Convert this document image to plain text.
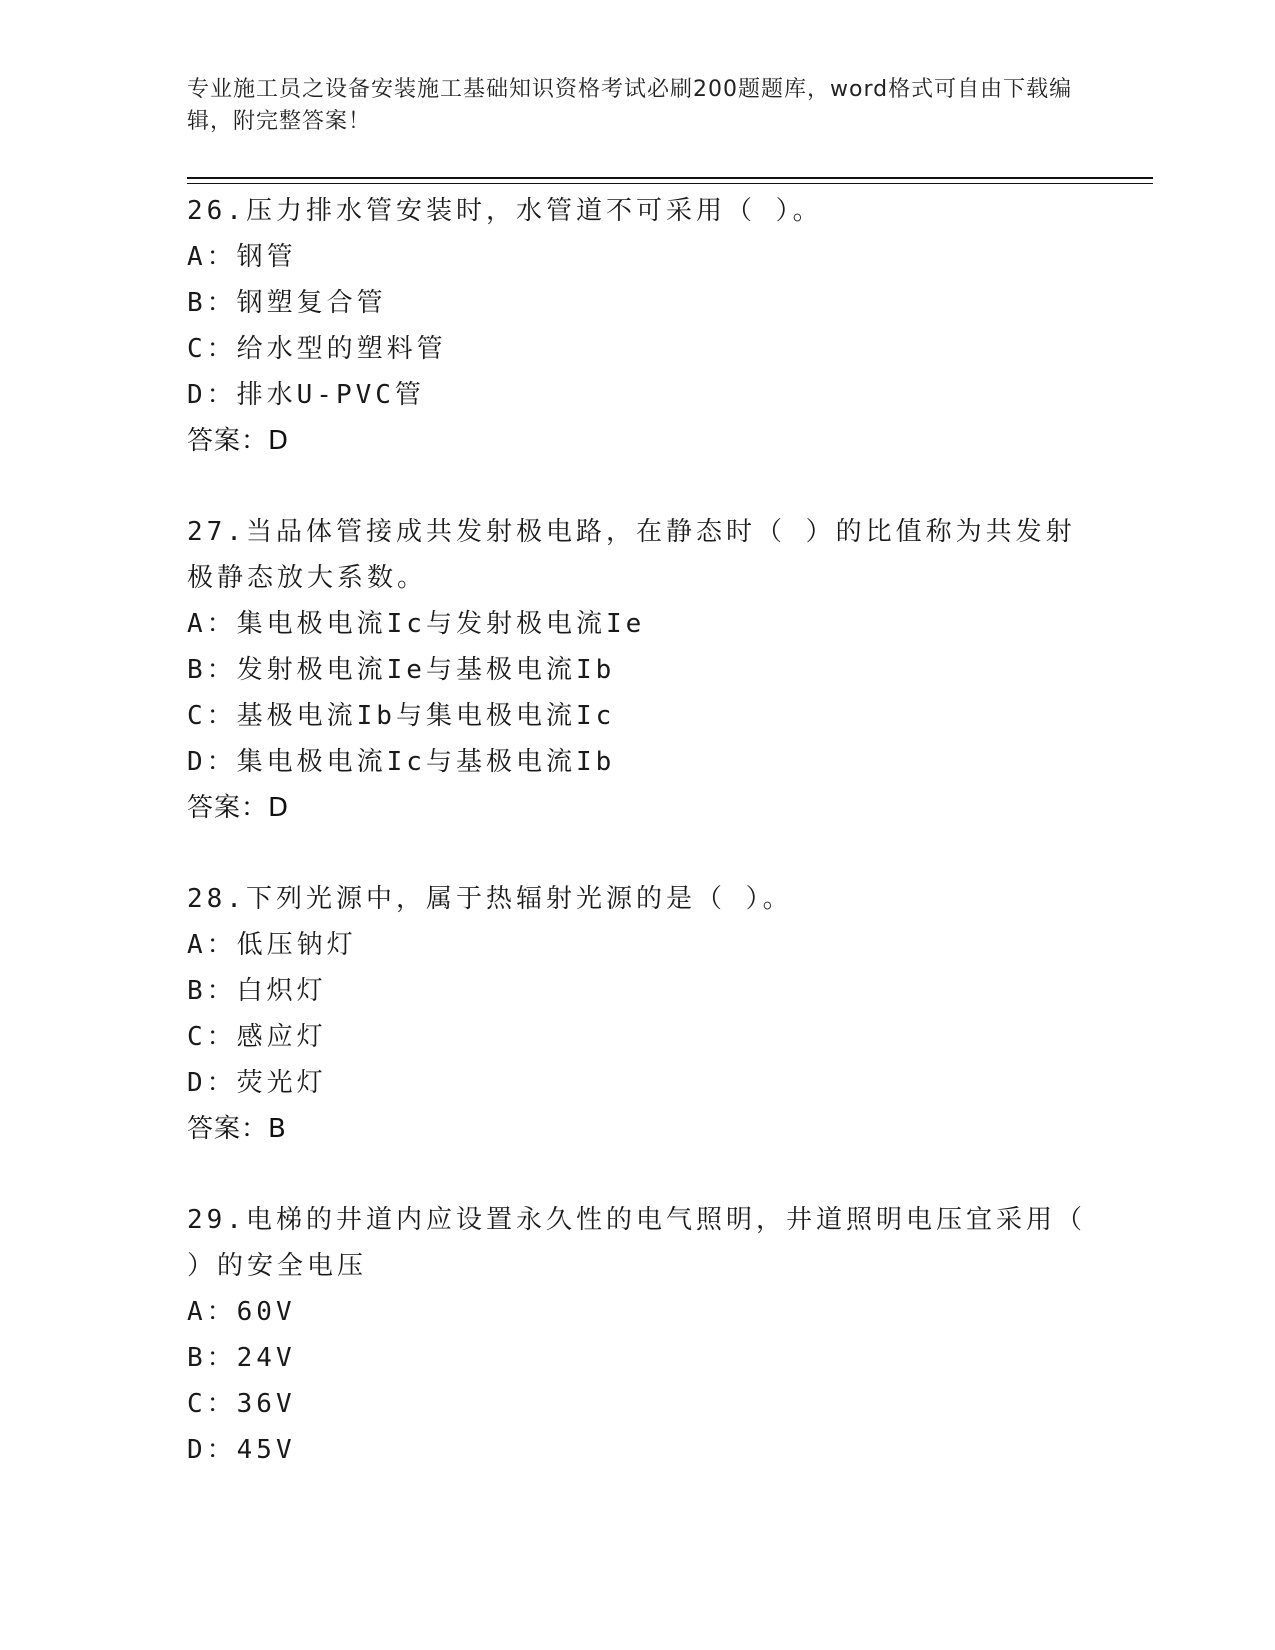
专业施工员之设备安装施工基础知识资格考试必刷200题题库，word格式可自由下载编辑，附完整答案！
26.压力排水管安装时，水管道不可采用（ ）。
A：钢管
B：钢塑复合管
C：给水型的塑料管
D：排水U-PVC管
答案：D
27.当品体管接成共发射极电路，在静态时（ ）的比值称为共发射极静态放大系数。
A：集电极电流Ic与发射极电流Ie
B：发射极电流Ie与基极电流Ib
C：基极电流Ib与集电极电流Ic
D：集电极电流Ic与基极电流Ib
答案：D
28.下列光源中，属于热辐射光源的是（ ）。
A：低压钠灯
B：白炽灯
C：感应灯
D：荧光灯
答案：B
29.电梯的井道内应设置永久性的电气照明，井道照明电压宜采用（ ）的安全电压
A：60V
B：24V
C：36V
D：45V
